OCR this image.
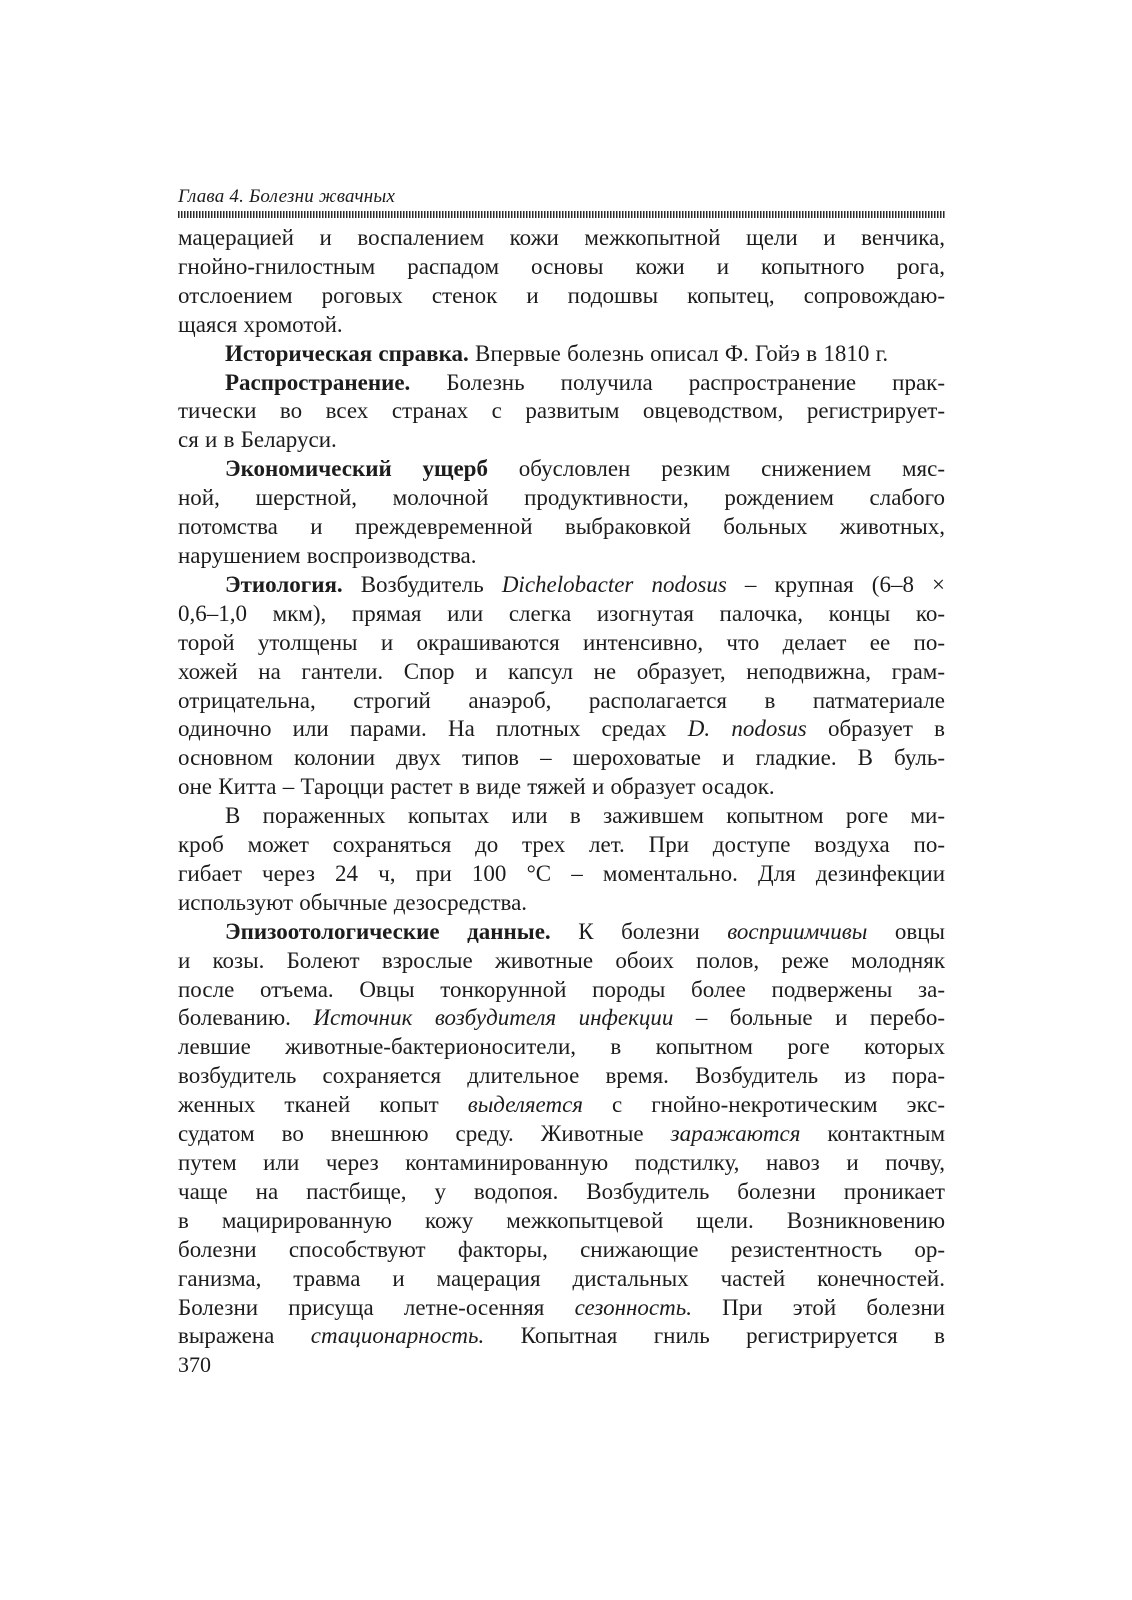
Глава 4. Болезни жвачных

мацерацией и воспалением кожи межкопытной щели и венчика,
гнойно-гнилостным распадом основы кожи и копытного рога,
отслоением роговых стенок и подошвы копытец, сопровождаю-

щаяся хромотой.

Историческая справка. Впервые болезнь описал Ф. Гойэ в 1810 г.

Распространение. Болезнь получила распространение прак-
тически во всех странах с развитым овцеводством, регистрирует-

ся и в Беларуси.

Экономический ущерб обусловлен резким снижением мяс-
ной, шерстной, молочной продуктивности, рождением слабого
потомства и преждевременной выбраковкой больных животных,

нарушением воспроизводства.

Этиология. Возбудитель Dichelobacter nodosus – крупная (6–8 ×
0,6–1,0 мкм), прямая или слегка изогнутая палочка, концы ко-
торой утолщены и окрашиваются интенсивно, что делает ее по-
хожей на гантели. Спор и капсул не образует, неподвижна, грам-
отрицательна, строгий анаэроб, располагается в патматериале
одиночно или парами. На плотных средах D. nodosus образует в
основном колонии двух типов – шероховатые и гладкие. В буль-

оне Китта – Тароцци растет в виде тяжей и образует осадок.

В пораженных копытах или в зажившем копытном роге ми-
кроб может сохраняться до трех лет. При доступе воздуха по-
гибает через 24 ч, при 100 °С – моментально. Для дезинфекции

используют обычные дезосредства.

Эпизоотологические данные. К болезни восприимчивы овцы
и козы. Болеют взрослые животные обоих полов, реже молодняк
после отъема. Овцы тонкорунной породы более подвержены за-
болеванию. Источник возбудителя инфекции – больные и перебо-
левшие животные-бактерионосители, в копытном роге которых
возбудитель сохраняется длительное время. Возбудитель из пора-
женных тканей копыт выделяется с гнойно-некротическим экс-
судатом во внешнюю среду. Животные заражаются контактным
путем или через контаминированную подстилку, навоз и почву,
чаще на пастбище, у водопоя. Возбудитель болезни проникает
в мацирированную кожу межкопытцевой щели. Возникновению
болезни способствуют факторы, снижающие резистентность ор-
ганизма, травма и мацерация дистальных частей конечностей.
Болезни присуща летне-осенняя сезонность. При этой болезни
выражена стационарность. Копытная гниль регистрируется в

370
